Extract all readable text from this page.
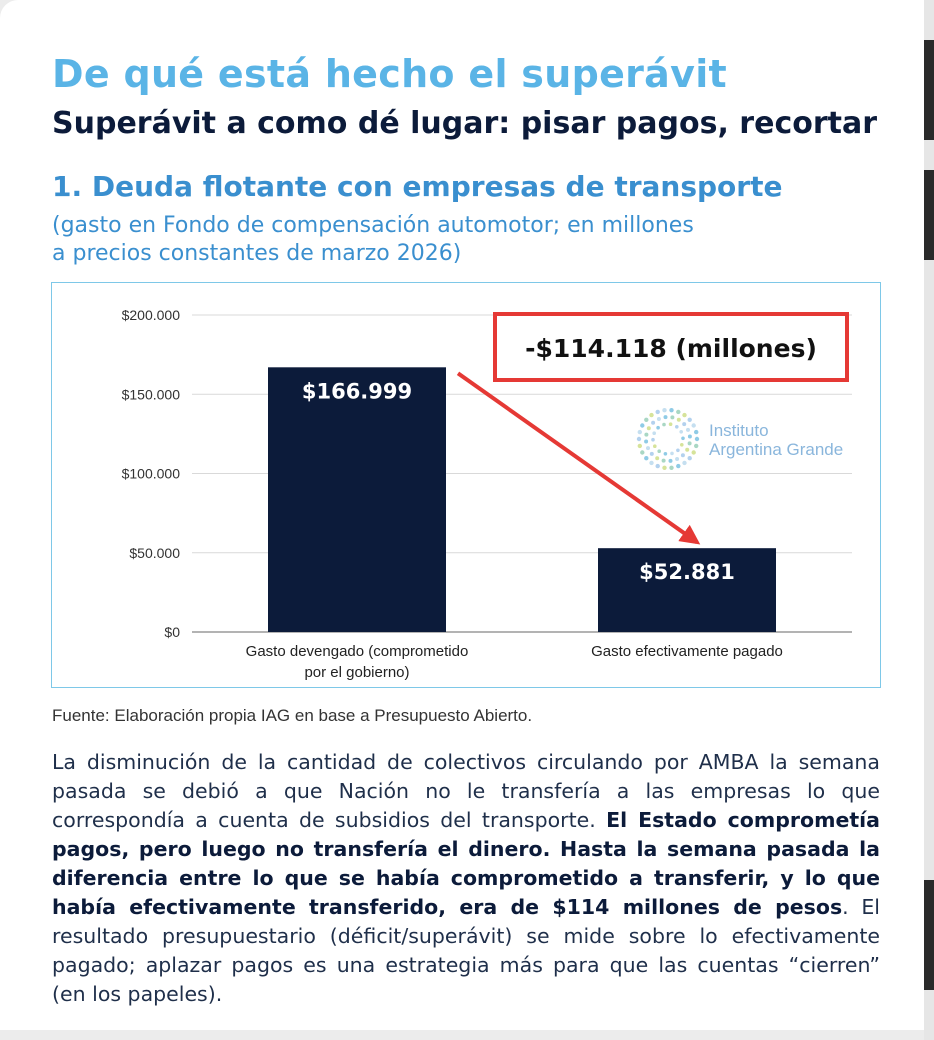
De qué está hecho el superávit
Superávit a como dé lugar: pisar pagos, recortar
1. Deuda flotante con empresas de transporte
(gasto en Fondo de compensación automotor; en millones
a precios constantes de marzo 2026)
$0
$50.000
$100.000
$150.000
$200.000
$166.999
Gasto devengado (comprometido
por el gobierno)
$52.881
Gasto efectivamente pagado
Instituto
Argentina Grande
-$114.118 (millones)
Fuente: Elaboración propia IAG en base a Presupuesto Abierto.

La disminución de la cantidad de colectivos circulando por AMBA la semana pasada se debió a que Nación no le transfería a las empresas lo que correspondía a cuenta de subsidios del transporte. El Estado comprometía pagos, pero luego no transfería el dinero. Hasta la semana pasada la diferencia entre lo que se había comprometido a transferir, y lo que había efectivamente transferido, era de $114 millones de pesos. El resultado presupuestario (déficit/superávit) se mide sobre lo efectivamente pagado; aplazar pagos es una estrategia más para que las cuentas “cierren” (en los papeles).
